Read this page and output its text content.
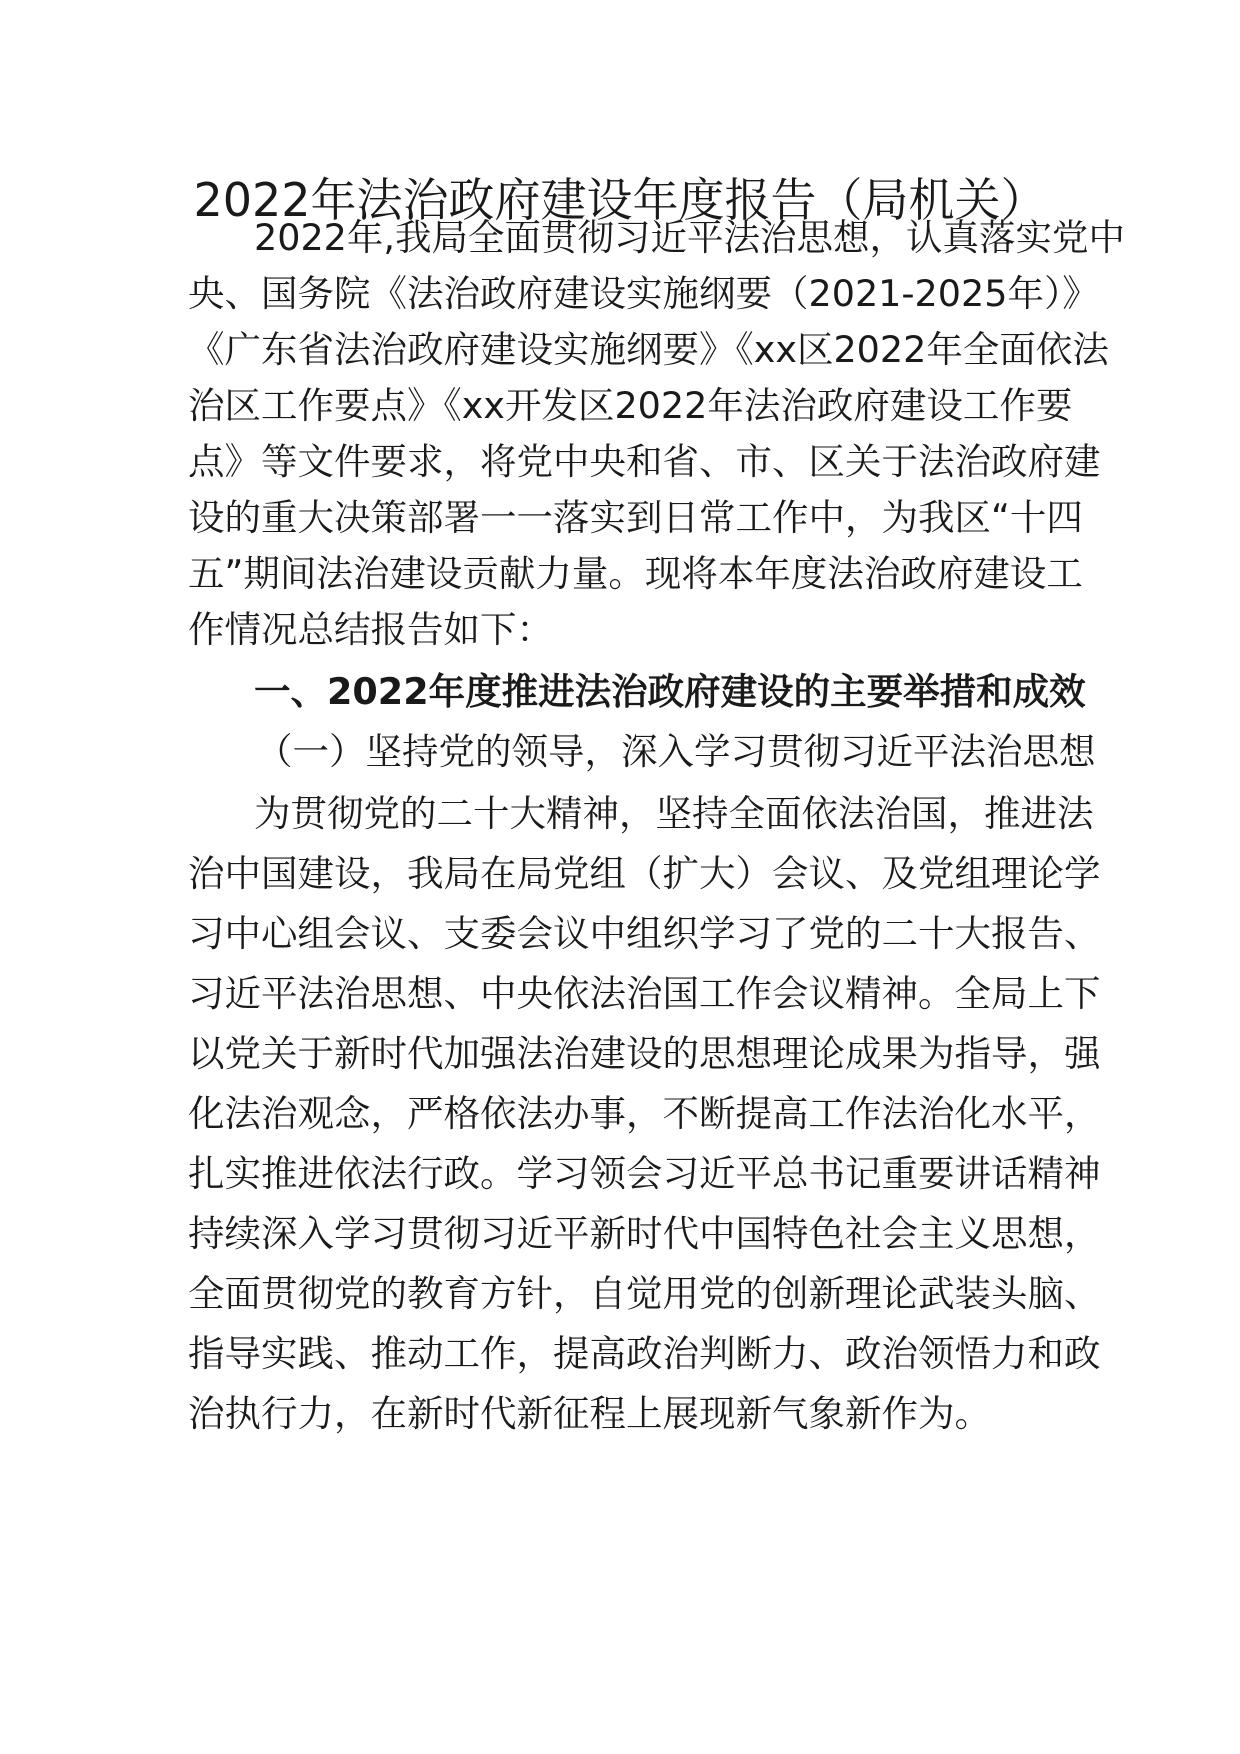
2022年法治政府建设年度报告（局机关）
2022年,我局全面贯彻习近平法治思想，认真落实党中
央、国务院《法治政府建设实施纲要（2021-2025年）》
《广东省法治政府建设实施纲要》《xx区2022年全面依法
治区工作要点》《xx开发区2022年法治政府建设工作要
点》等文件要求，将党中央和省、市、区关于法治政府建
设的重大决策部署一一落实到日常工作中，为我区“十四
五”期间法治建设贡献力量。现将本年度法治政府建设工
作情况总结报告如下：
一、2022年度推进法治政府建设的主要举措和成效
（一）坚持党的领导，深入学习贯彻习近平法治思想
为贯彻党的二十大精神，坚持全面依法治国，推进法
治中国建设，我局在局党组（扩大）会议、及党组理论学
习中心组会议、支委会议中组织学习了党的二十大报告、
习近平法治思想、中央依法治国工作会议精神。全局上下
以党关于新时代加强法治建设的思想理论成果为指导，强
化法治观念，严格依法办事，不断提高工作法治化水平，
扎实推进依法行政。学习领会习近平总书记重要讲话精神
持续深入学习贯彻习近平新时代中国特色社会主义思想，
全面贯彻党的教育方针，自觉用党的创新理论武装头脑、
指导实践、推动工作，提高政治判断力、政治领悟力和政
治执行力，在新时代新征程上展现新气象新作为。
